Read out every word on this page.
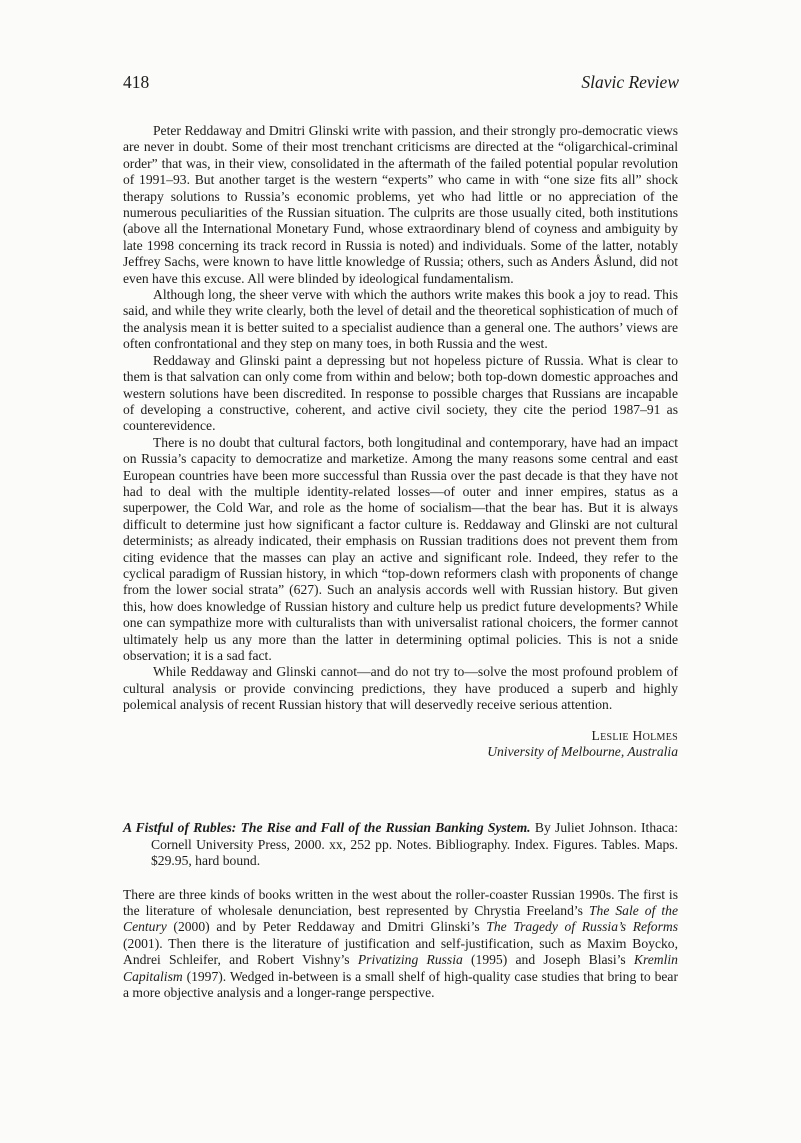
418	Slavic Review

Peter Reddaway and Dmitri Glinski write with passion, and their strongly pro-democratic views are never in doubt. Some of their most trenchant criticisms are directed at the “oligarchical-criminal order” that was, in their view, consolidated in the aftermath of the failed potential popular revolution of 1991–93. But another target is the western “experts” who came in with “one size fits all” shock therapy solutions to Russia’s economic problems, yet who had little or no appreciation of the numerous peculiarities of the Russian situation. The culprits are those usually cited, both institutions (above all the International Monetary Fund, whose extraordinary blend of coyness and ambiguity by late 1998 concerning its track record in Russia is noted) and individuals. Some of the latter, notably Jeffrey Sachs, were known to have little knowledge of Russia; others, such as Anders Åslund, did not even have this excuse. All were blinded by ideological fundamentalism.

Although long, the sheer verve with which the authors write makes this book a joy to read. This said, and while they write clearly, both the level of detail and the theoretical sophistication of much of the analysis mean it is better suited to a specialist audience than a general one. The authors’ views are often confrontational and they step on many toes, in both Russia and the west.

Reddaway and Glinski paint a depressing but not hopeless picture of Russia. What is clear to them is that salvation can only come from within and below; both top-down domestic approaches and western solutions have been discredited. In response to possible charges that Russians are incapable of developing a constructive, coherent, and active civil society, they cite the period 1987–91 as counterevidence.

There is no doubt that cultural factors, both longitudinal and contemporary, have had an impact on Russia’s capacity to democratize and marketize. Among the many reasons some central and east European countries have been more successful than Russia over the past decade is that they have not had to deal with the multiple identity-related losses—of outer and inner empires, status as a superpower, the Cold War, and role as the home of socialism—that the bear has. But it is always difficult to determine just how significant a factor culture is. Reddaway and Glinski are not cultural determinists; as already indicated, their emphasis on Russian traditions does not prevent them from citing evidence that the masses can play an active and significant role. Indeed, they refer to the cyclical paradigm of Russian history, in which “top-down reformers clash with proponents of change from the lower social strata” (627). Such an analysis accords well with Russian history. But given this, how does knowledge of Russian history and culture help us predict future developments? While one can sympathize more with culturalists than with universalist rational choicers, the former cannot ultimately help us any more than the latter in determining optimal policies. This is not a snide observation; it is a sad fact.

While Reddaway and Glinski cannot—and do not try to—solve the most profound problem of cultural analysis or provide convincing predictions, they have produced a superb and highly polemical analysis of recent Russian history that will deservedly receive serious attention.

Leslie Holmes
University of Melbourne, Australia
A Fistful of Rubles: The Rise and Fall of the Russian Banking System. By Juliet Johnson. Ithaca: Cornell University Press, 2000. xx, 252 pp. Notes. Bibliography. Index. Figures. Tables. Maps. $29.95, hard bound.

There are three kinds of books written in the west about the roller-coaster Russian 1990s. The first is the literature of wholesale denunciation, best represented by Chrystia Freeland’s The Sale of the Century (2000) and by Peter Reddaway and Dmitri Glinski’s The Tragedy of Russia’s Reforms (2001). Then there is the literature of justification and self-justification, such as Maxim Boycko, Andrei Schleifer, and Robert Vishny’s Privatizing Russia (1995) and Joseph Blasi’s Kremlin Capitalism (1997). Wedged in-between is a small shelf of high-quality case studies that bring to bear a more objective analysis and a longer-range perspective.
